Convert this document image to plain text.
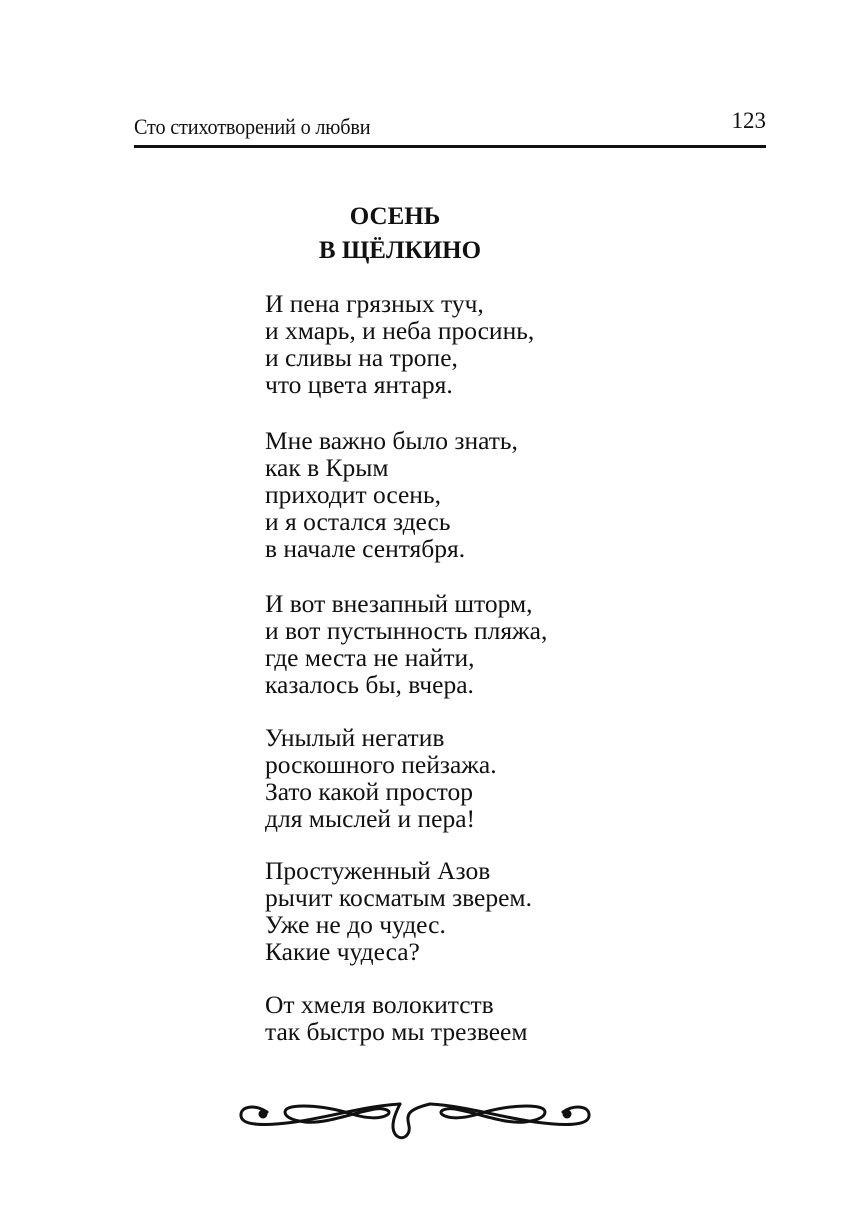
Сто стихотворений о любви	123
ОСЕНЬ
В ЩЁЛКИНО
И пена грязных туч,
и хмарь, и неба просинь,
и сливы на тропе,
что цвета янтаря.
Мне важно было знать,
как в Крым
приходит осень,
и я остался здесь
в начале сентября.
И вот внезапный шторм,
и вот пустынность пляжа,
где места не найти,
казалось бы, вчера.
Унылый негатив
роскошного пейзажа.
Зато какой простор
для мыслей и пера!
Простуженный Азов
рычит косматым зверем.
Уже не до чудес.
Какие чудеса?
От хмеля волокитств
так быстро мы трезвеем
